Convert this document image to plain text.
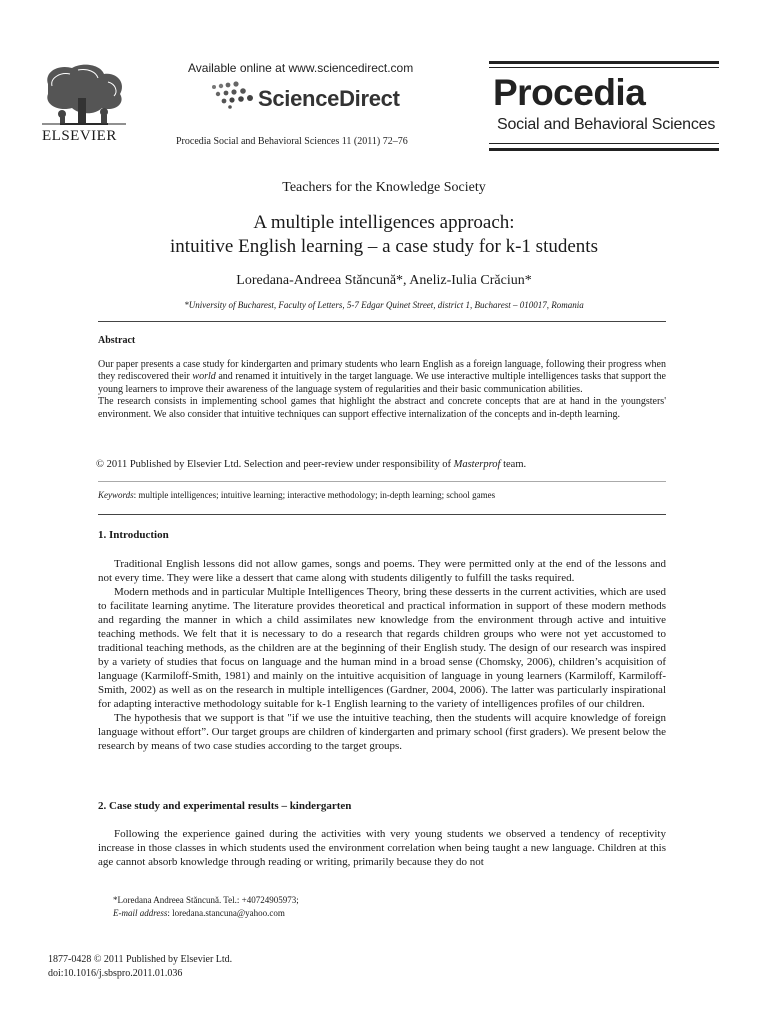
ELSEVIER
Available online at www.sciencedirect.com
ScienceDirect
Procedia Social and Behavioral Sciences 11 (2011) 72–76
Procedia
Social and Behavioral Sciences
Teachers for the Knowledge Society
A multiple intelligences approach:
intuitive English learning – a case study for k-1 students
Loredana-Andreea Stăncună*, Aneliz-Iulia Crăciun*
*University of Bucharest, Faculty of Letters, 5-7 Edgar Quinet Street, district 1, Bucharest – 010017, Romania
Abstract

Our paper presents a case study for kindergarten and primary students who learn English as a foreign language, following their progress when they rediscovered their world and renamed it intuitively in the target language. We use interactive multiple intelligences tasks that support the young learners to improve their awareness of the language system of regularities and their basic communication abilities.

The research consists in implementing school games that highlight the abstract and concrete concepts that are at hand in the youngsters' environment. We also consider that intuitive techniques can support effective internalization of the concepts and in-depth learning.

© 2011 Published by Elsevier Ltd. Selection and peer-review under responsibility of Masterprof team.
Keywords: multiple intelligences; intuitive learning; interactive methodology; in-depth learning; school games
1. Introduction

Traditional English lessons did not allow games, songs and poems. They were permitted only at the end of the lessons and not every time. They were like a dessert that came along with students diligently to fulfill the tasks required.

Modern methods and in particular Multiple Intelligences Theory, bring these desserts in the current activities, which are used to facilitate learning anytime. The literature provides theoretical and practical information in support of these modern methods and regarding the manner in which a child assimilates new knowledge from the environment through active and intuitive teaching methods. We felt that it is necessary to do a research that regards children groups who were not yet accustomed to traditional teaching methods, as the children are at the beginning of their English study. The design of our research was inspired by a variety of studies that focus on language and the human mind in a broad sense (Chomsky, 2006), children’s acquisition of language (Karmiloff-Smith, 1981) and mainly on the intuitive acquisition of language in young learners (Karmiloff, Karmiloff-Smith, 2002) as well as on the research in multiple intelligences (Gardner, 2004, 2006). The latter was particularly inspirational for adapting interactive methodology suitable for k-1 English learning to the variety of intelligences profiles of our children.

The hypothesis that we support is that "if we use the intuitive teaching, then the students will acquire knowledge of foreign language without effort”. Our target groups are children of kindergarten and primary school (first graders). We present below the research by means of two case studies according to the target groups.

2. Case study and experimental results – kindergarten

Following the experience gained during the activities with very young students we observed a tendency of receptivity increase in those classes in which students used the environment correlation when being taught a new language. Children at this age cannot absorb knowledge through reading or writing, primarily because they do not

*Loredana Andreea Stăncună. Tel.: +40724905973;
E-mail address: loredana.stancuna@yahoo.com
1877-0428 © 2011 Published by Elsevier Ltd.
doi:10.1016/j.sbspro.2011.01.036
